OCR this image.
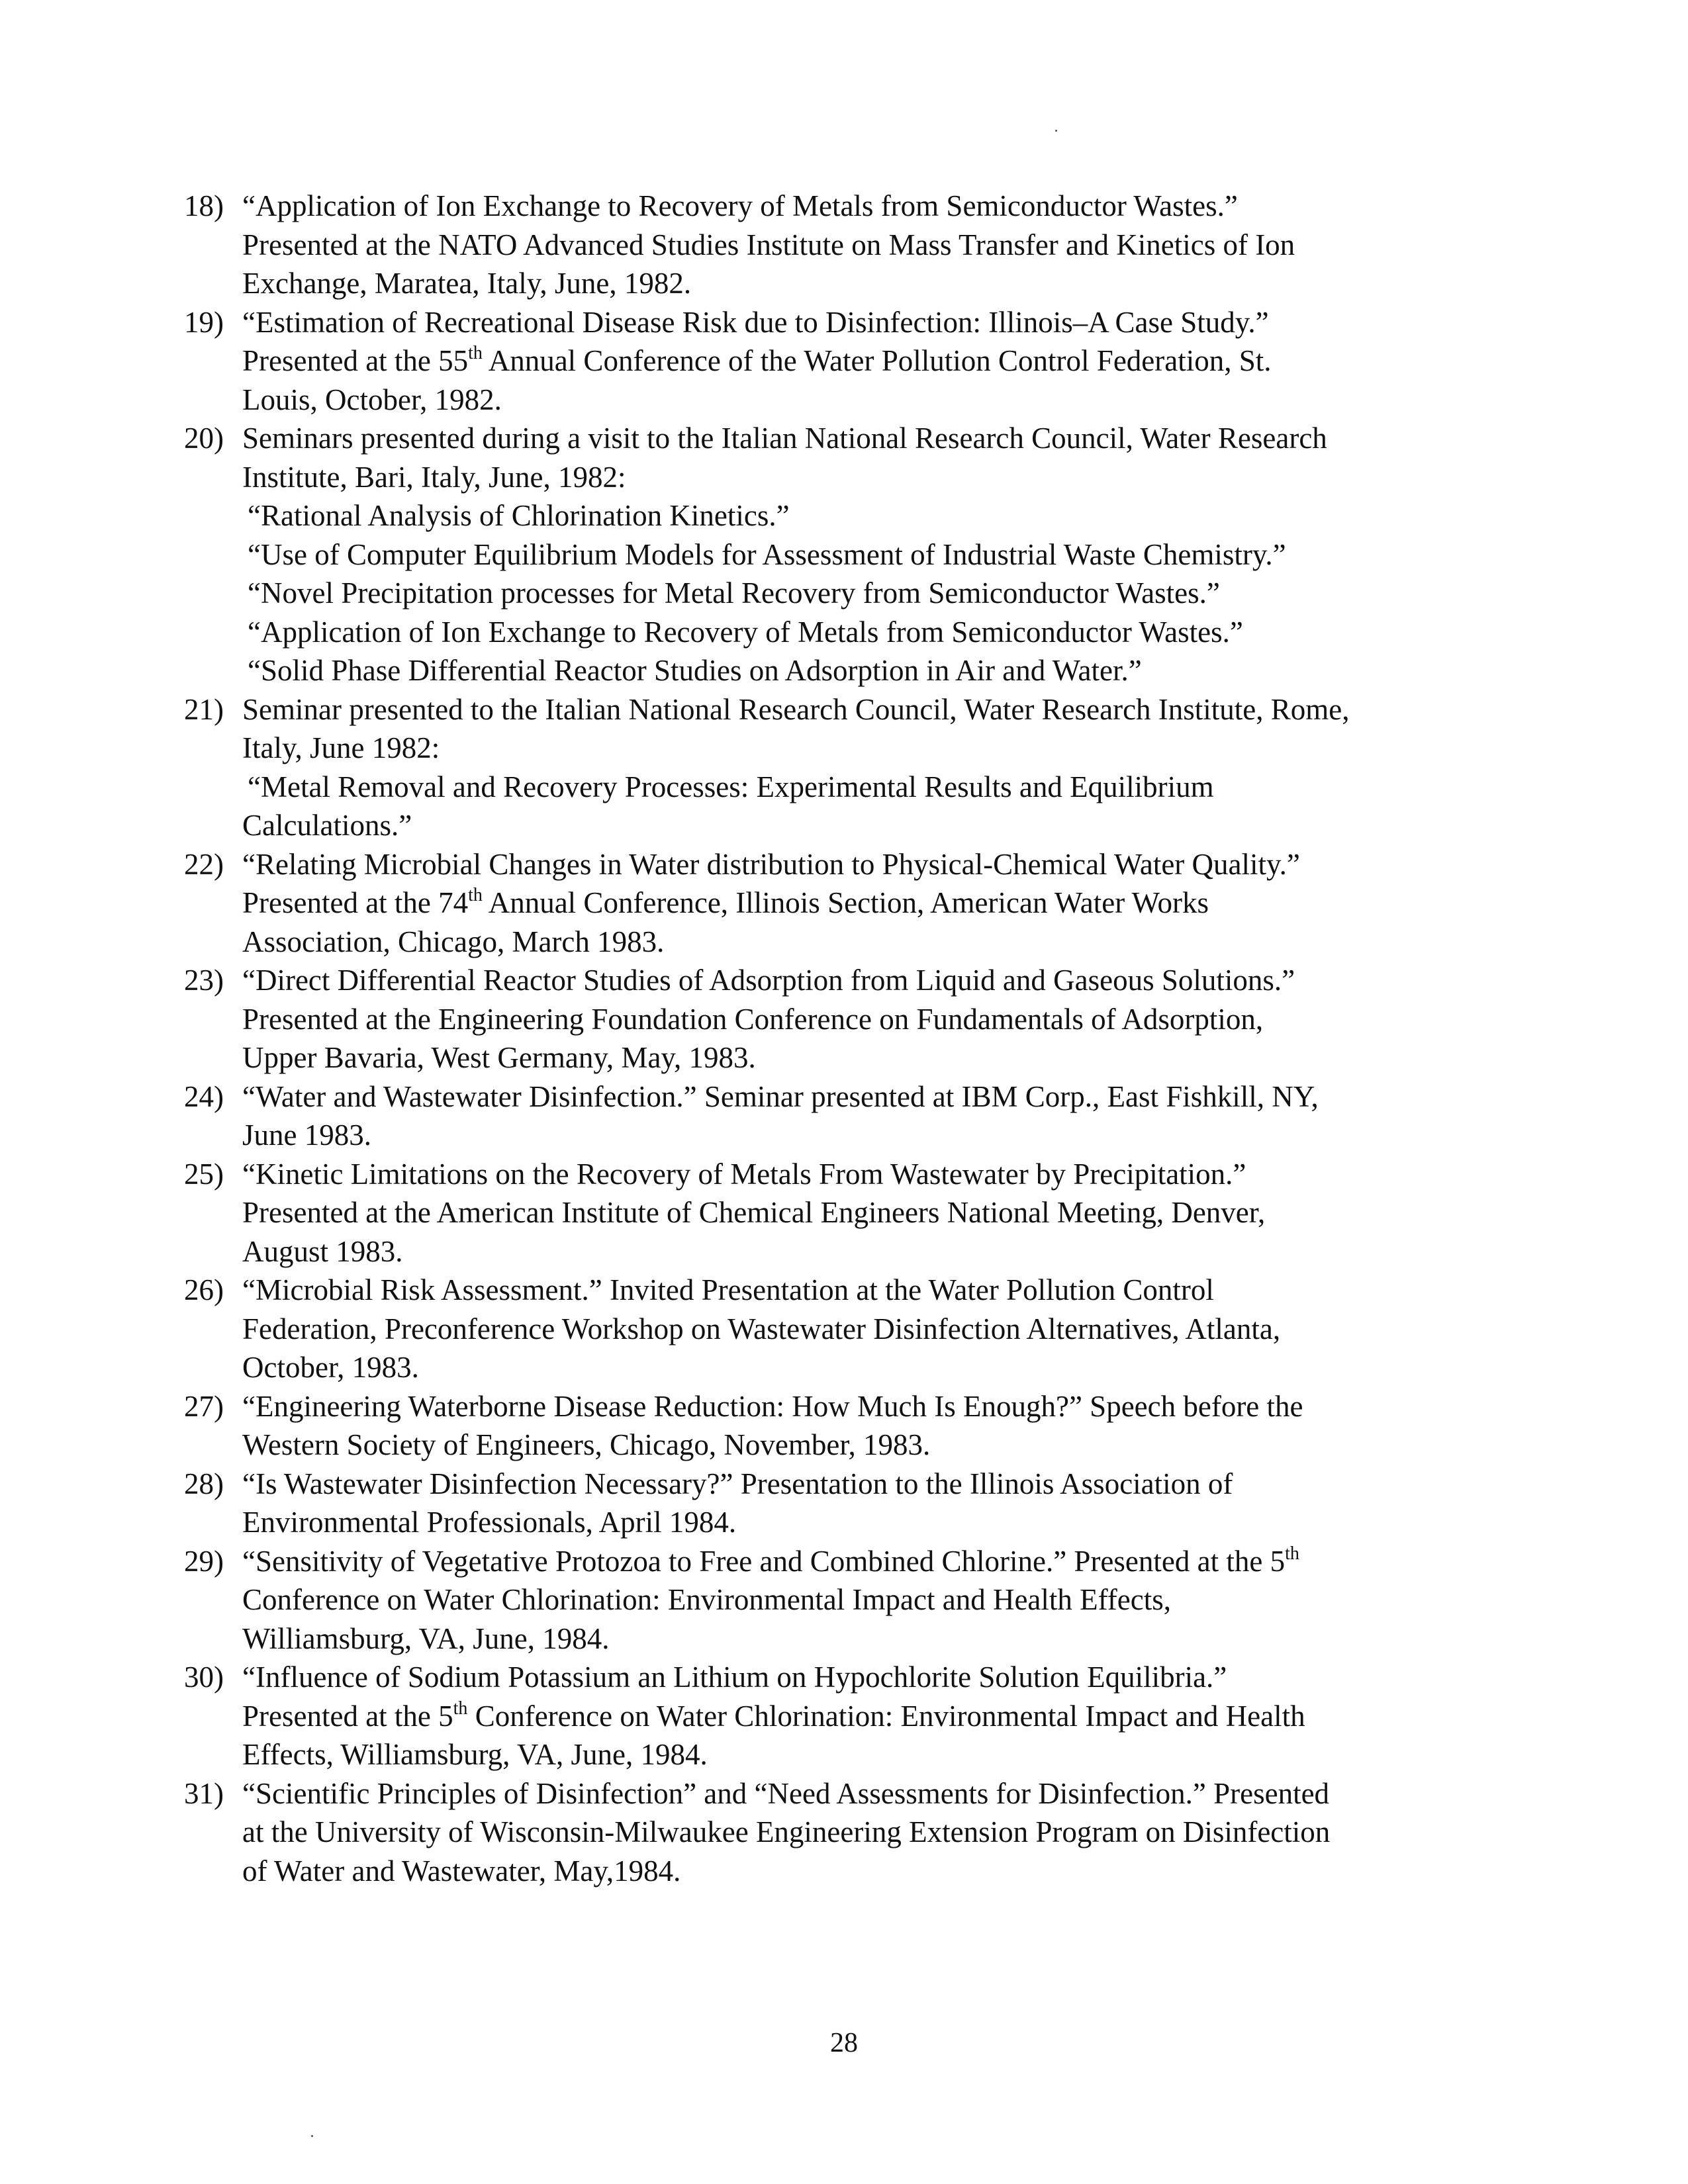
18) “Application of Ion Exchange to Recovery of Metals from Semiconductor Wastes.”
Presented at the NATO Advanced Studies Institute on Mass Transfer and Kinetics of Ion
Exchange, Maratea, Italy, June, 1982.
19) “Estimation of Recreational Disease Risk due to Disinfection: Illinois–A Case Study.”
Presented at the 55th Annual Conference of the Water Pollution Control Federation, St.
Louis, October, 1982.
20) Seminars presented during a visit to the Italian National Research Council, Water Research
Institute, Bari, Italy, June, 1982:
“Rational Analysis of Chlorination Kinetics.”
“Use of Computer Equilibrium Models for Assessment of Industrial Waste Chemistry.”
“Novel Precipitation processes for Metal Recovery from Semiconductor Wastes.”
“Application of Ion Exchange to Recovery of Metals from Semiconductor Wastes.”
“Solid Phase Differential Reactor Studies on Adsorption in Air and Water.”
21) Seminar presented to the Italian National Research Council, Water Research Institute, Rome,
Italy, June 1982:
“Metal Removal and Recovery Processes: Experimental Results and Equilibrium
Calculations.”
22) “Relating Microbial Changes in Water distribution to Physical-Chemical Water Quality.”
Presented at the 74th Annual Conference, Illinois Section, American Water Works
Association, Chicago, March 1983.
23) “Direct Differential Reactor Studies of Adsorption from Liquid and Gaseous Solutions.”
Presented at the Engineering Foundation Conference on Fundamentals of Adsorption,
Upper Bavaria, West Germany, May, 1983.
24) “Water and Wastewater Disinfection.” Seminar presented at IBM Corp., East Fishkill, NY,
June 1983.
25) “Kinetic Limitations on the Recovery of Metals From Wastewater by Precipitation.”
Presented at the American Institute of Chemical Engineers National Meeting, Denver,
August 1983.
26) “Microbial Risk Assessment.” Invited Presentation at the Water Pollution Control
Federation, Preconference Workshop on Wastewater Disinfection Alternatives, Atlanta,
October, 1983.
27) “Engineering Waterborne Disease Reduction: How Much Is Enough?” Speech before the
Western Society of Engineers, Chicago, November, 1983.
28) “Is Wastewater Disinfection Necessary?” Presentation to the Illinois Association of
Environmental Professionals, April 1984.
29) “Sensitivity of Vegetative Protozoa to Free and Combined Chlorine.” Presented at the 5th
Conference on Water Chlorination: Environmental Impact and Health Effects,
Williamsburg, VA, June, 1984.
30) “Influence of Sodium Potassium an Lithium on Hypochlorite Solution Equilibria.”
Presented at the 5th Conference on Water Chlorination: Environmental Impact and Health
Effects, Williamsburg, VA, June, 1984.
31) “Scientific Principles of Disinfection” and “Need Assessments for Disinfection.” Presented
at the University of Wisconsin-Milwaukee Engineering Extension Program on Disinfection
of Water and Wastewater, May,1984.
28
